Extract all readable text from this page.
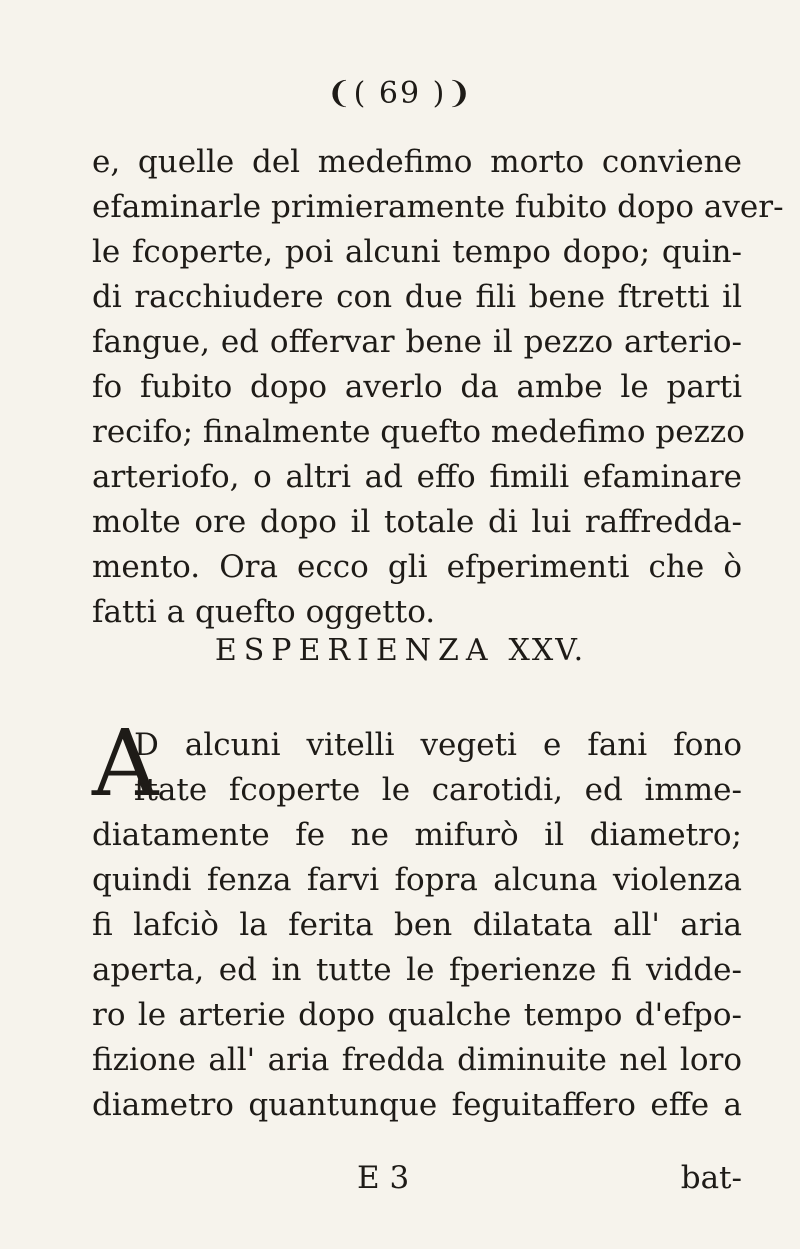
❨( 69 )❩
e, quelle del medefimo morto conviene
efaminarle primieramente fubito dopo aver-
le fcoperte, poi alcuni tempo dopo; quin-
di racchiudere con due fili bene ftretti il
fangue, ed offervar bene il pezzo arterio-
fo fubito dopo averlo da ambe le parti
recifo; finalmente quefto medefimo pezzo
arteriofo, o altri ad effo fimili efaminare
molte ore dopo il totale di lui raffredda-
mento. Ora ecco gli efperimenti che ò
fatti a quefto oggetto.
ESPERIENZA XXV.
A
D alcuni vitelli vegeti e fani fono
ftate fcoperte le carotidi, ed imme-
diatamente fe ne mifurò il diametro;
quindi fenza farvi fopra alcuna violenza
fi lafciò la ferita ben dilatata all' aria
aperta, ed in tutte le fperienze fi vidde-
ro le arterie dopo qualche tempo d'efpo-
fizione all' aria fredda diminuite nel loro
diametro quantunque feguitaffero effe a
E 3	bat-
